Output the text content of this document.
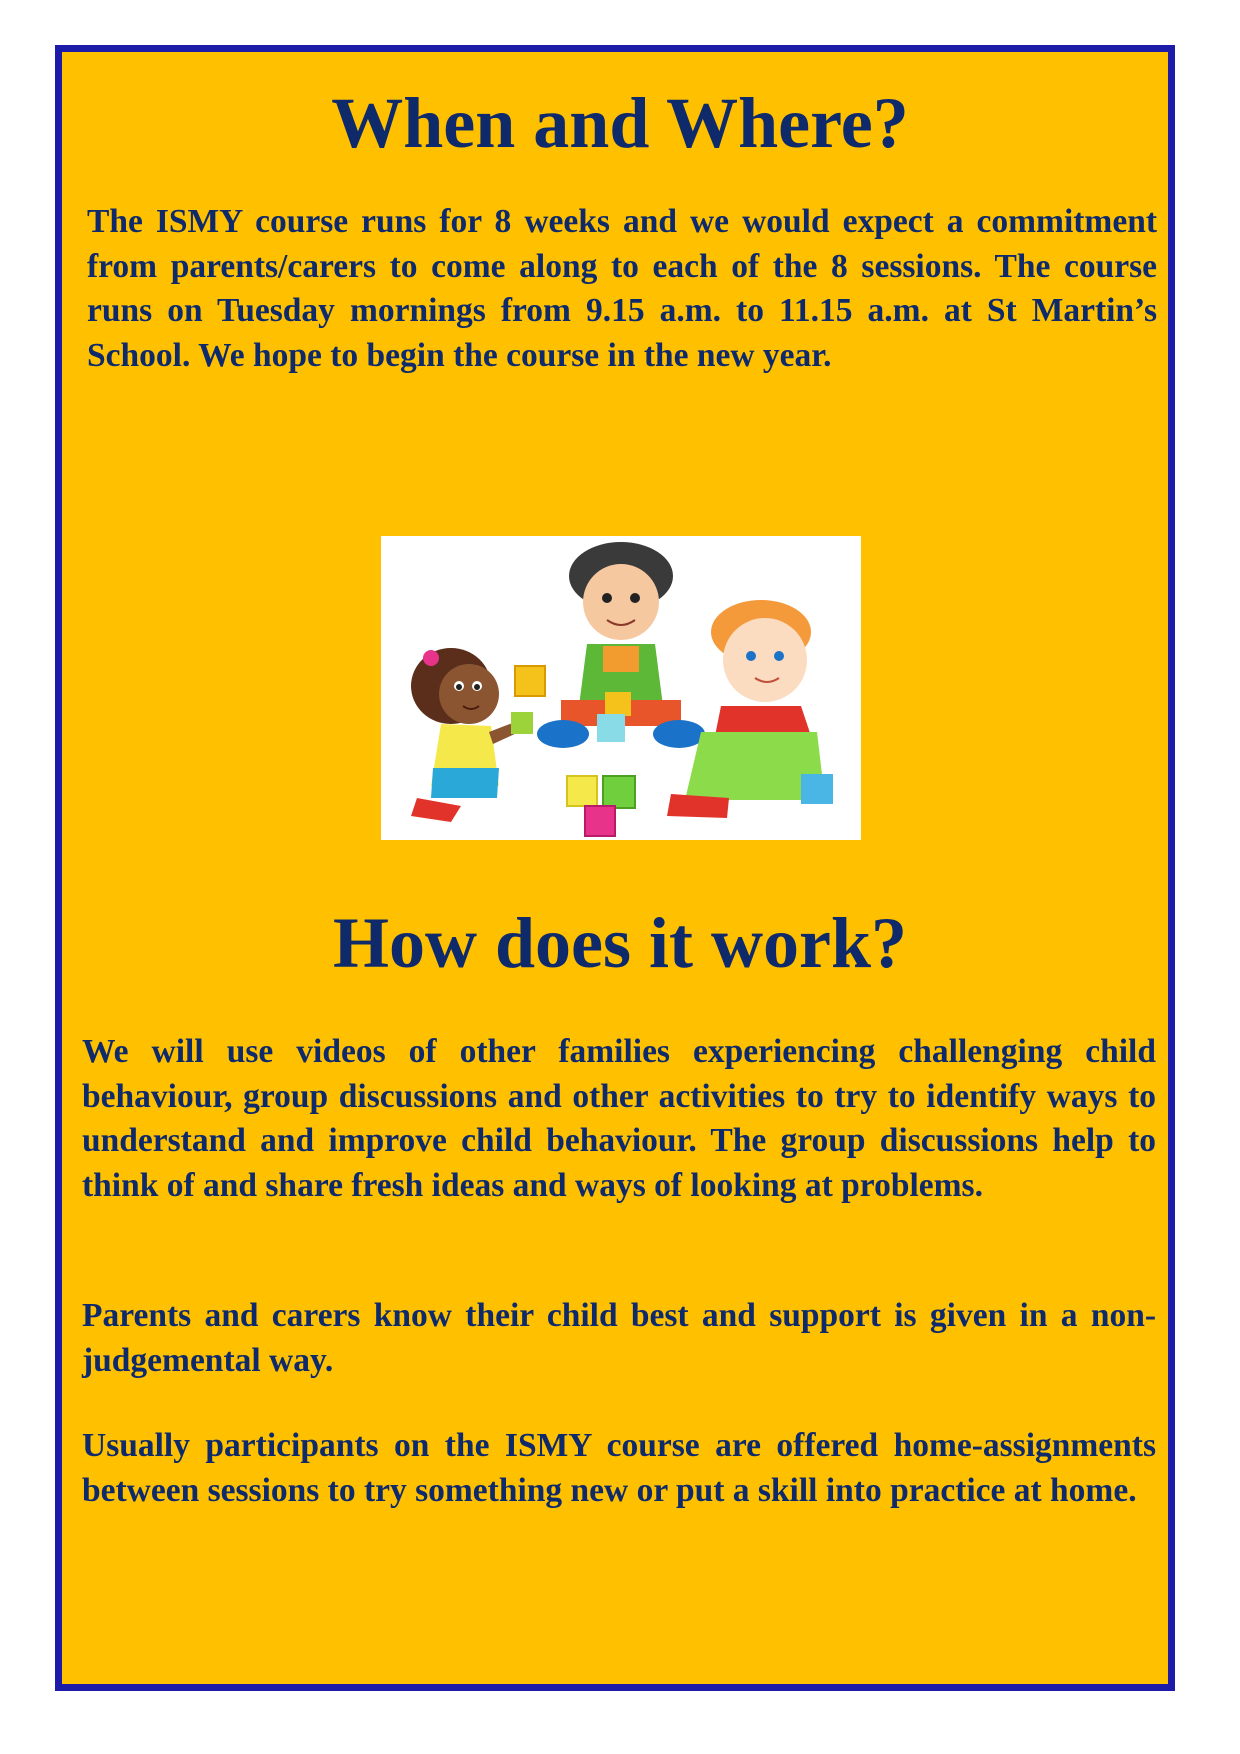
When and Where?

The ISMY course runs for 8 weeks and we would expect a commitment from parents/carers to come along to each of the 8 sessions. The course runs on Tuesday mornings from 9.15 a.m. to 11.15 a.m. at St Martin’s School. We hope to begin the course in the new year.

How does it work?

We will use videos of other families experiencing challenging child behaviour, group discussions and other activities to try to identify ways to understand and improve child behaviour. The group discussions help to think of and share fresh ideas and ways of looking at problems.

Parents and carers know their child best and support is given in a non-judgemental way.

Usually participants on the ISMY course are offered home-assignments between sessions to try something new or put a skill into practice at home.
